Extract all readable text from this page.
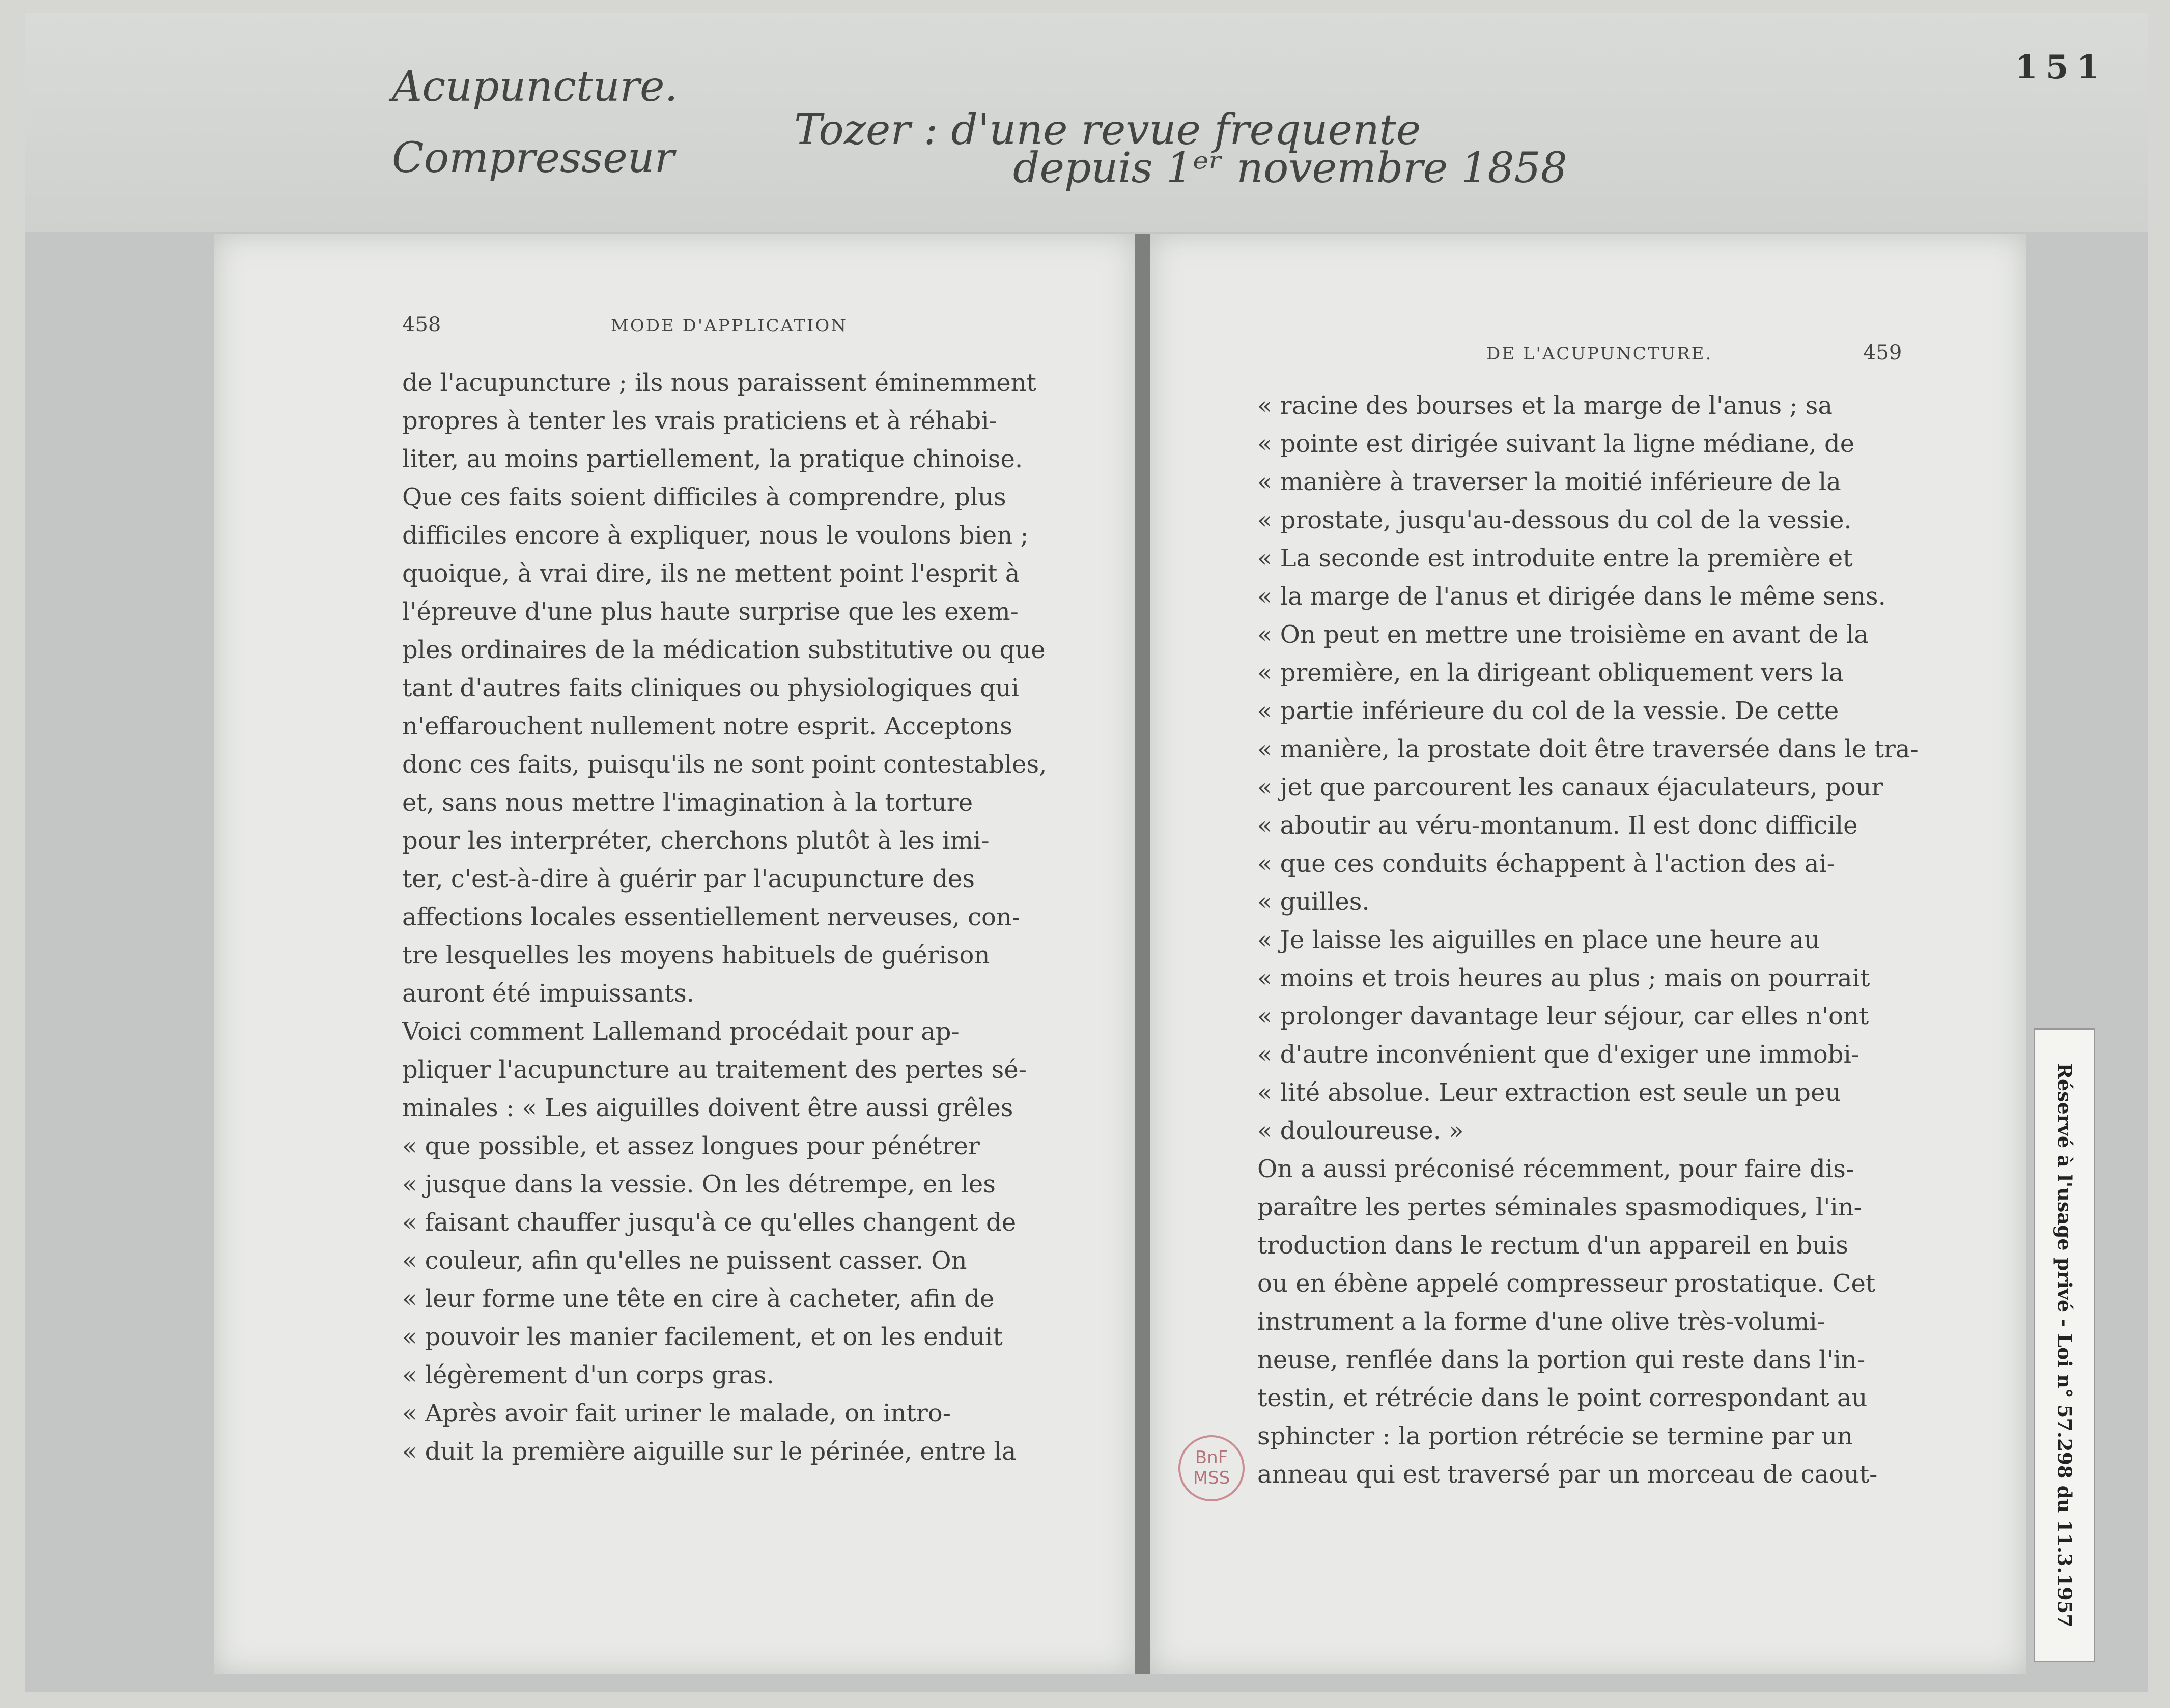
151
Acupuncture.
Compresseur
Tozer : d'une revue frequente
depuis 1ᵉʳ novembre 1858
458	MODE D'APPLICATION
de l'acupuncture ; ils nous paraissent éminemment
propres à tenter les vrais praticiens et à réhabi-
liter, au moins partiellement, la pratique chinoise.
Que ces faits soient difficiles à comprendre, plus
difficiles encore à expliquer, nous le voulons bien ;
quoique, à vrai dire, ils ne mettent point l'esprit à
l'épreuve d'une plus haute surprise que les exem-
ples ordinaires de la médication substitutive ou que
tant d'autres faits cliniques ou physiologiques qui
n'effarouchent nullement notre esprit. Acceptons
donc ces faits, puisqu'ils ne sont point contestables,
et, sans nous mettre l'imagination à la torture
pour les interpréter, cherchons plutôt à les imi-
ter, c'est-à-dire à guérir par l'acupuncture des
affections locales essentiellement nerveuses, con-
tre lesquelles les moyens habituels de guérison
auront été impuissants.
Voici comment Lallemand procédait pour ap-
pliquer l'acupuncture au traitement des pertes sé-
minales : « Les aiguilles doivent être aussi grêles
« que possible, et assez longues pour pénétrer
« jusque dans la vessie. On les détrempe, en les
« faisant chauffer jusqu'à ce qu'elles changent de
« couleur, afin qu'elles ne puissent casser. On
« leur forme une tête en cire à cacheter, afin de
« pouvoir les manier facilement, et on les enduit
« légèrement d'un corps gras.
« Après avoir fait uriner le malade, on intro-
« duit la première aiguille sur le périnée, entre la
DE L'ACUPUNCTURE.	459
« racine des bourses et la marge de l'anus ; sa
« pointe est dirigée suivant la ligne médiane, de
« manière à traverser la moitié inférieure de la
« prostate, jusqu'au-dessous du col de la vessie.
« La seconde est introduite entre la première et
« la marge de l'anus et dirigée dans le même sens.
« On peut en mettre une troisième en avant de la
« première, en la dirigeant obliquement vers la
« partie inférieure du col de la vessie. De cette
« manière, la prostate doit être traversée dans le tra-
« jet que parcourent les canaux éjaculateurs, pour
« aboutir au véru-montanum. Il est donc difficile
« que ces conduits échappent à l'action des ai-
« guilles.
« Je laisse les aiguilles en place une heure au
« moins et trois heures au plus ; mais on pourrait
« prolonger davantage leur séjour, car elles n'ont
« d'autre inconvénient que d'exiger une immobi-
« lité absolue. Leur extraction est seule un peu
« douloureuse. »
On a aussi préconisé récemment, pour faire dis-
paraître les pertes séminales spasmodiques, l'in-
troduction dans le rectum d'un appareil en buis
ou en ébène appelé compresseur prostatique. Cet
instrument a la forme d'une olive très-volumi-
neuse, renflée dans la portion qui reste dans l'in-
testin, et rétrécie dans le point correspondant au
sphincter : la portion rétrécie se termine par un
anneau qui est traversé par un morceau de caout-
BnF
MSS	Réservé à l'usage privé - Loi n° 57.298 du 11.3.1957
